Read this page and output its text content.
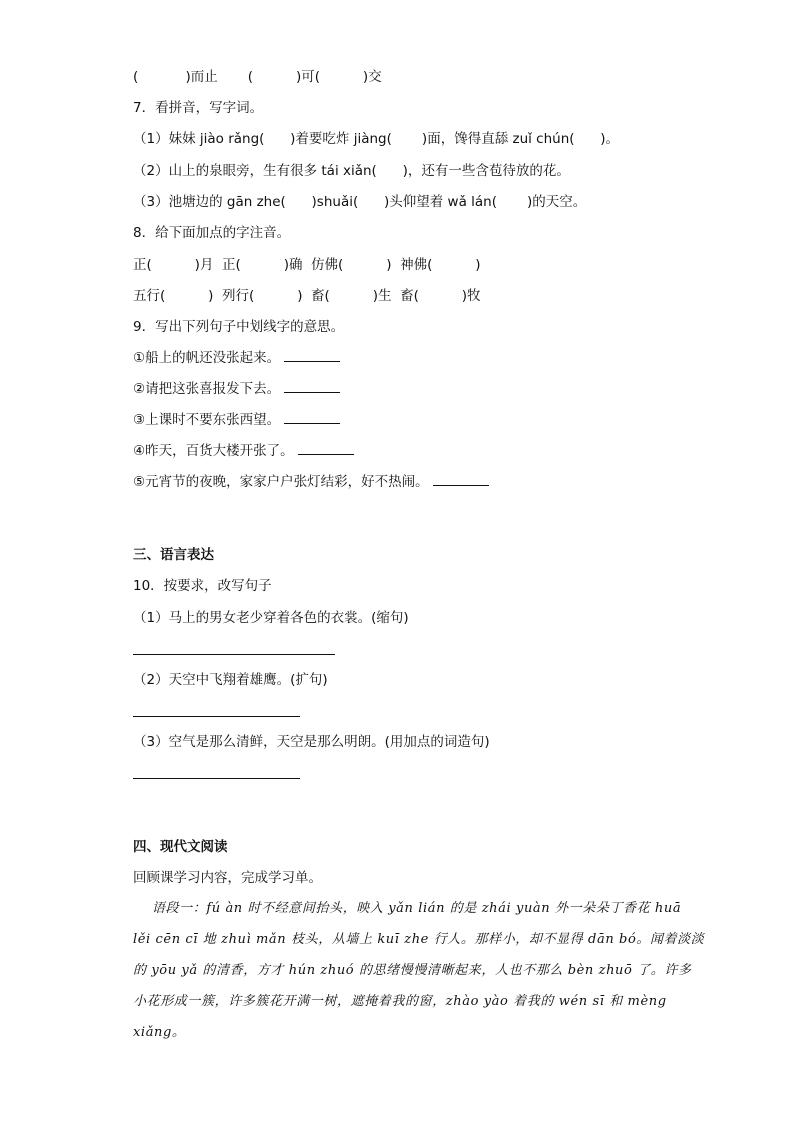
(           )而止       (          )可(          )交
7．看拼音，写字词。
（1）妹妹 jiào rǎng(      )着要吃炸 jiàng(       )面，馋得直舔 zuǐ chún(      )。
（2）山上的泉眼旁，生有很多 tái xiǎn(      )，还有一些含苞待放的花。
（3）池塘边的 gān zhe(      )shuǎi(      )头仰望着 wǎ lán(       )的天空。
8．给下面加点的字注音。
正(          )月  正(          )确  仿佛(          )  神佛(          )
五行(          )  列行(          )  畜(          )生  畜(          )牧
9．写出下列句子中划线字的意思。
①船上的帆还没张起来。
②请把这张喜报发下去。
③上课时不要东张西望。
④昨天，百货大楼开张了。
⑤元宵节的夜晚，家家户户张灯结彩，好不热闹。
三、语言表达
10．按要求，改写句子
（1）马上的男女老少穿着各色的衣裳。(缩句)
（2）天空中飞翔着雄鹰。(扩句)
（3）空气是那么清鲜，天空是那么明朗。(用加点的词造句)
四、现代文阅读
回顾课学习内容，完成学习单。
语段一：fú àn 时不经意间抬头，映入 yǎn lián 的是 zhái yuàn 外一朵朵丁香花 huā
lěi cēn cī 地 zhuì mǎn 枝头，从墙上 kuī zhe 行人。那样小，却不显得 dān bó。闻着淡淡
的 yōu yǎ 的清香，方才 hún zhuó 的思绪慢慢清晰起来，人也不那么 bèn zhuō 了。许多
小花形成一簇，许多簇花开满一树，遮掩着我的窗，zhào yào 着我的 wén sī 和 mèng
xiǎng。
